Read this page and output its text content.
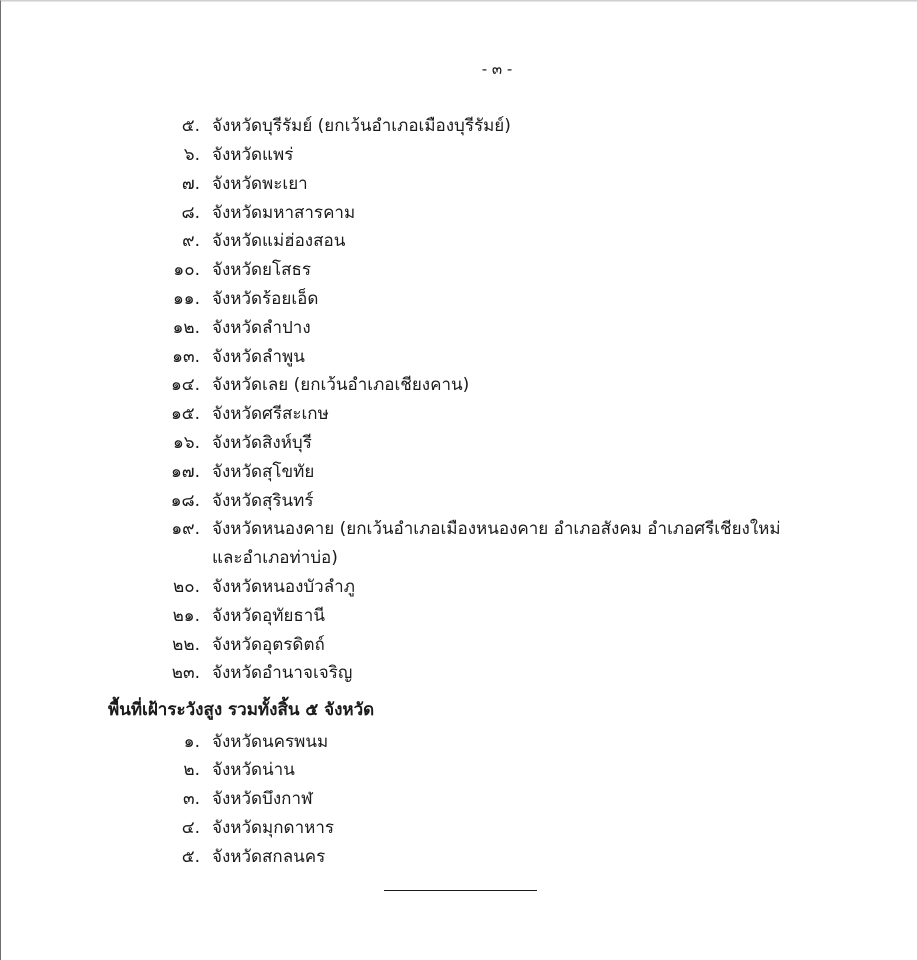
- ๓ -
๕. จังหวัดบุรีรัมย์ (ยกเว้นอำเภอเมืองบุรีรัมย์)
๖. จังหวัดแพร่
๗. จังหวัดพะเยา
๘. จังหวัดมหาสารคาม
๙. จังหวัดแม่ฮ่องสอน
๑๐. จังหวัดยโสธร
๑๑. จังหวัดร้อยเอ็ด
๑๒. จังหวัดลำปาง
๑๓. จังหวัดลำพูน
๑๔. จังหวัดเลย (ยกเว้นอำเภอเชียงคาน)
๑๕. จังหวัดศรีสะเกษ
๑๖. จังหวัดสิงห์บุรี
๑๗. จังหวัดสุโขทัย
๑๘. จังหวัดสุรินทร์
๑๙. จังหวัดหนองคาย (ยกเว้นอำเภอเมืองหนองคาย อำเภอสังคม อำเภอศรีเชียงใหม่
และอำเภอท่าบ่อ)
๒๐. จังหวัดหนองบัวลำภู
๒๑. จังหวัดอุทัยธานี
๒๒. จังหวัดอุตรดิตถ์
๒๓. จังหวัดอำนาจเจริญ
พื้นที่เฝ้าระวังสูง รวมทั้งสิ้น ๕ จังหวัด
๑. จังหวัดนครพนม
๒. จังหวัดน่าน
๓. จังหวัดบึงกาฬ
๔. จังหวัดมุกดาหาร
๕. จังหวัดสกลนคร
